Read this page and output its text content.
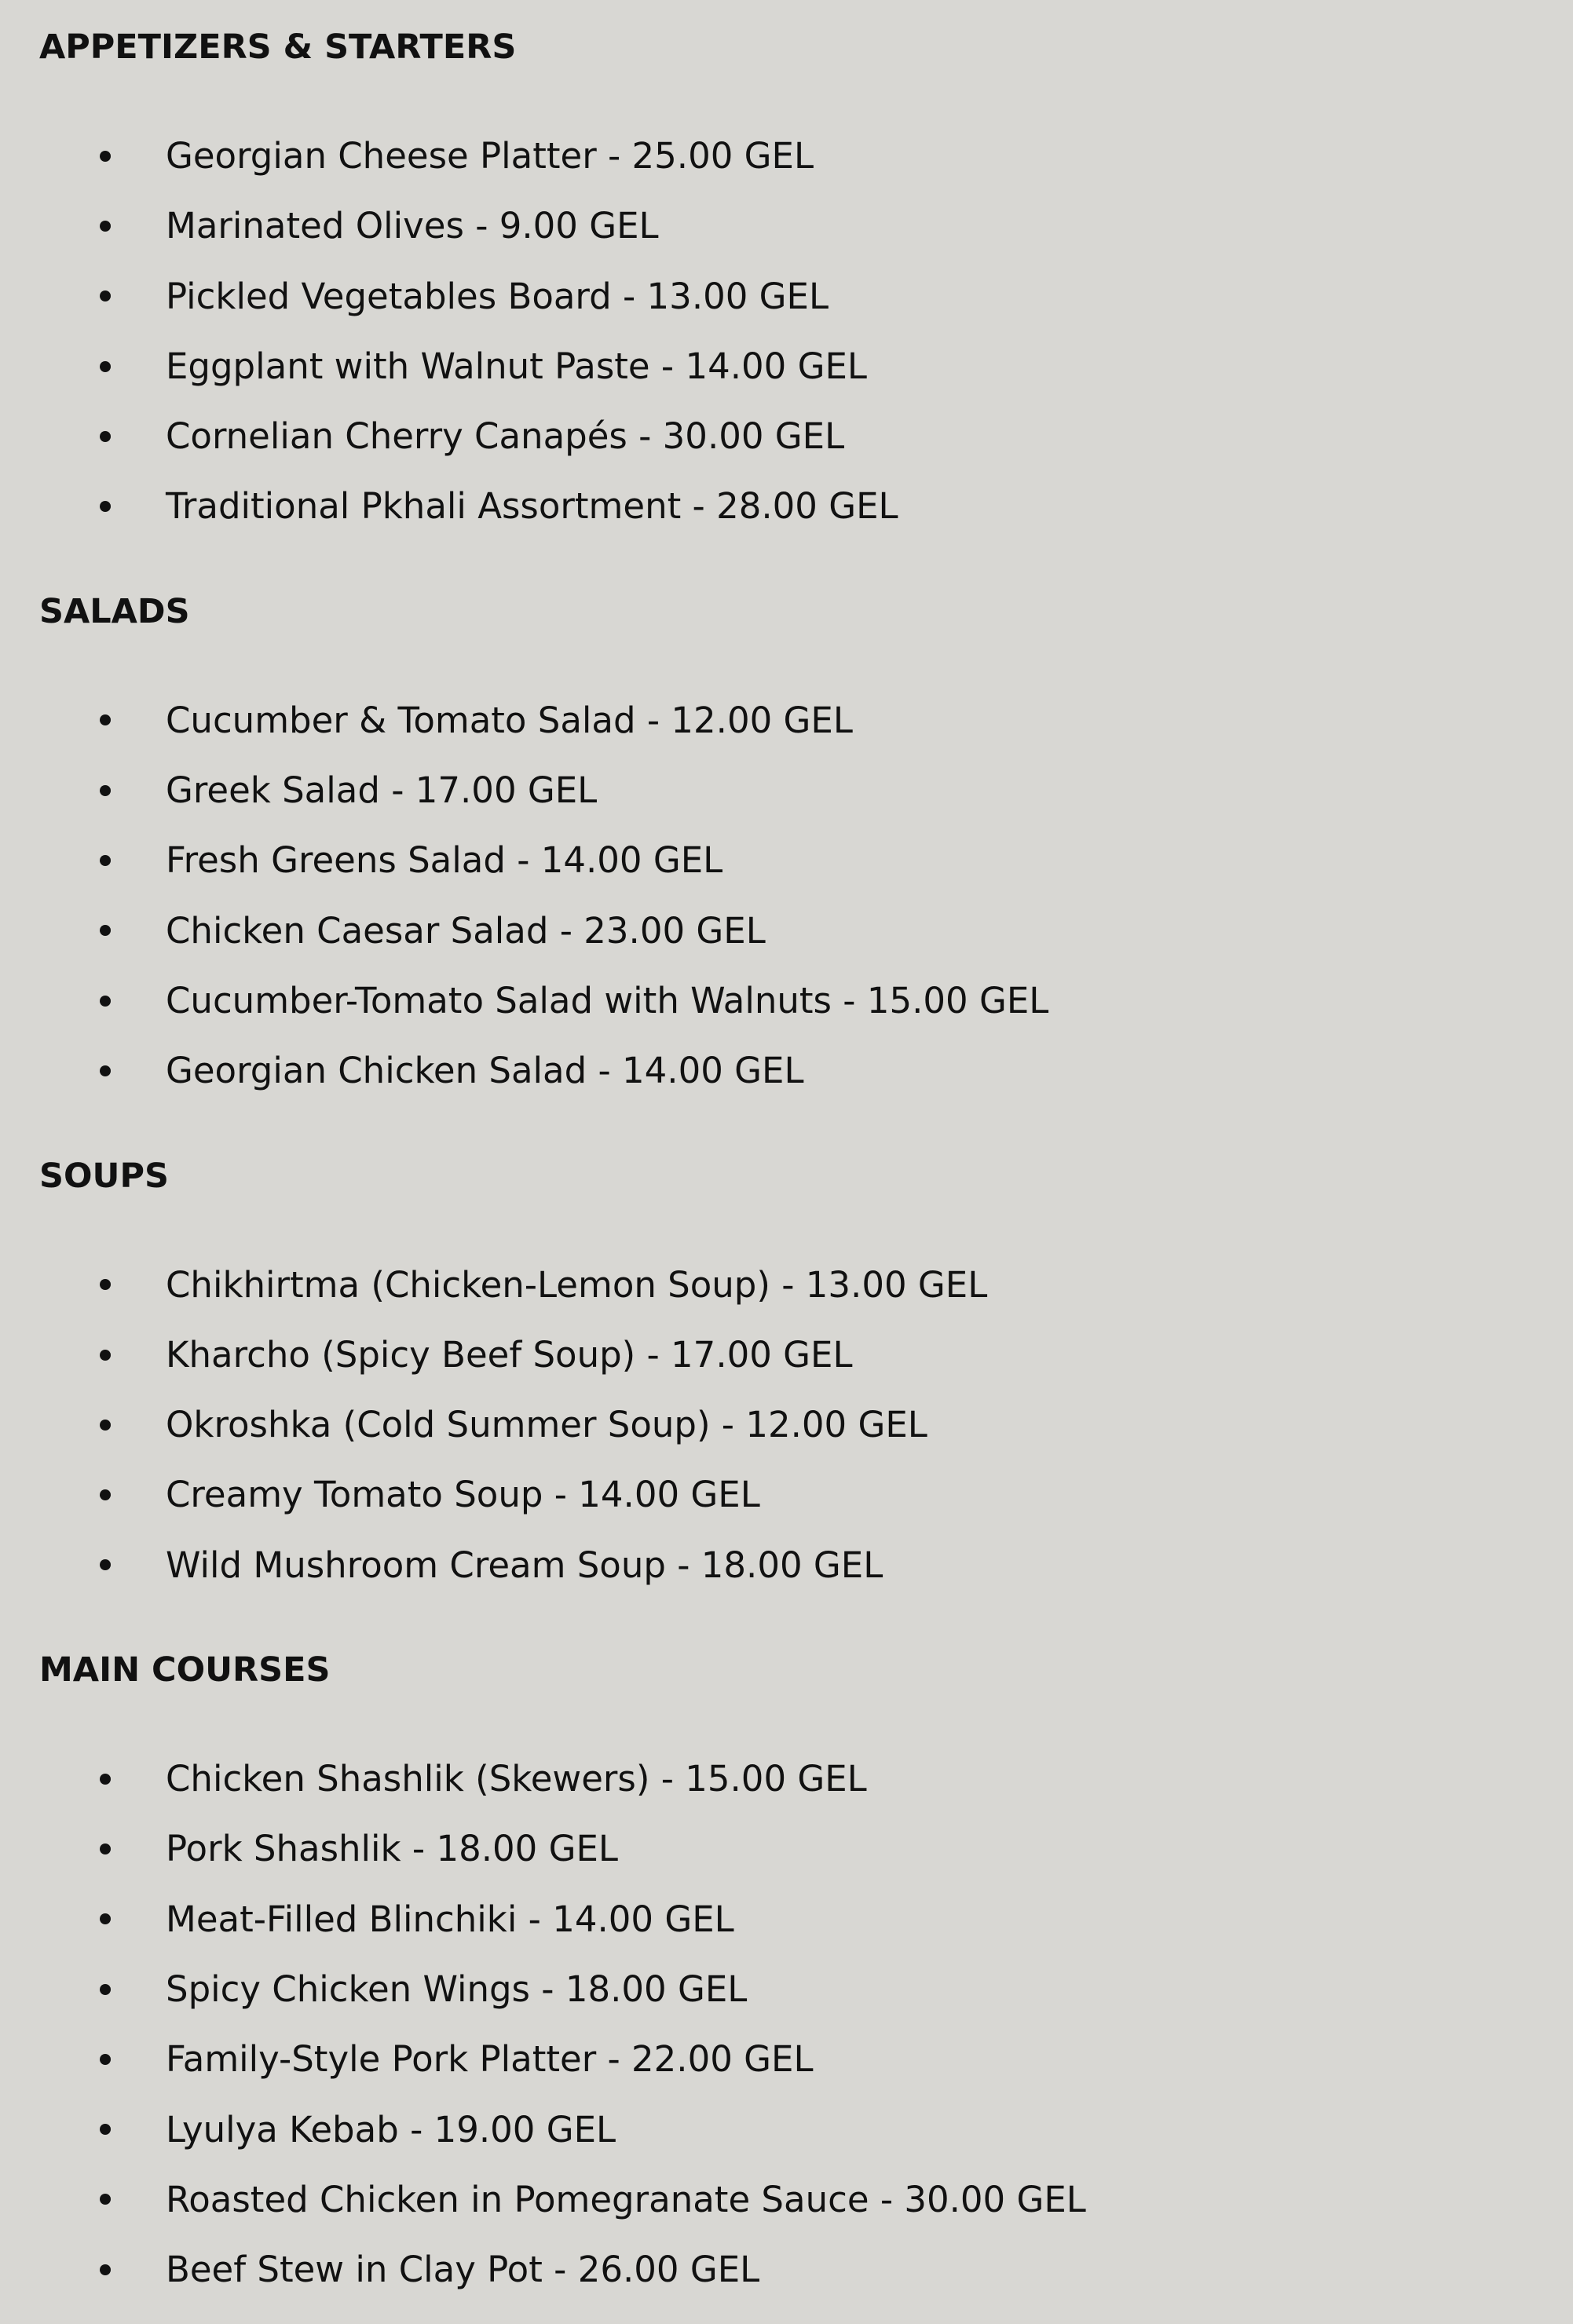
APPETIZERS & STARTERS
Georgian Cheese Platter - 25.00 GEL
Marinated Olives - 9.00 GEL
Pickled Vegetables Board - 13.00 GEL
Eggplant with Walnut Paste - 14.00 GEL
Cornelian Cherry Canapés - 30.00 GEL
Traditional Pkhali Assortment - 28.00 GEL
SALADS
Cucumber & Tomato Salad - 12.00 GEL
Greek Salad - 17.00 GEL
Fresh Greens Salad - 14.00 GEL
Chicken Caesar Salad - 23.00 GEL
Cucumber-Tomato Salad with Walnuts - 15.00 GEL
Georgian Chicken Salad - 14.00 GEL
SOUPS
Chikhirtma (Chicken-Lemon Soup) - 13.00 GEL
Kharcho (Spicy Beef Soup) - 17.00 GEL
Okroshka (Cold Summer Soup) - 12.00 GEL
Creamy Tomato Soup - 14.00 GEL
Wild Mushroom Cream Soup - 18.00 GEL
MAIN COURSES
Chicken Shashlik (Skewers) - 15.00 GEL
Pork Shashlik - 18.00 GEL
Meat-Filled Blinchiki - 14.00 GEL
Spicy Chicken Wings - 18.00 GEL
Family-Style Pork Platter - 22.00 GEL
Lyulya Kebab - 19.00 GEL
Roasted Chicken in Pomegranate Sauce - 30.00 GEL
Beef Stew in Clay Pot - 26.00 GEL
